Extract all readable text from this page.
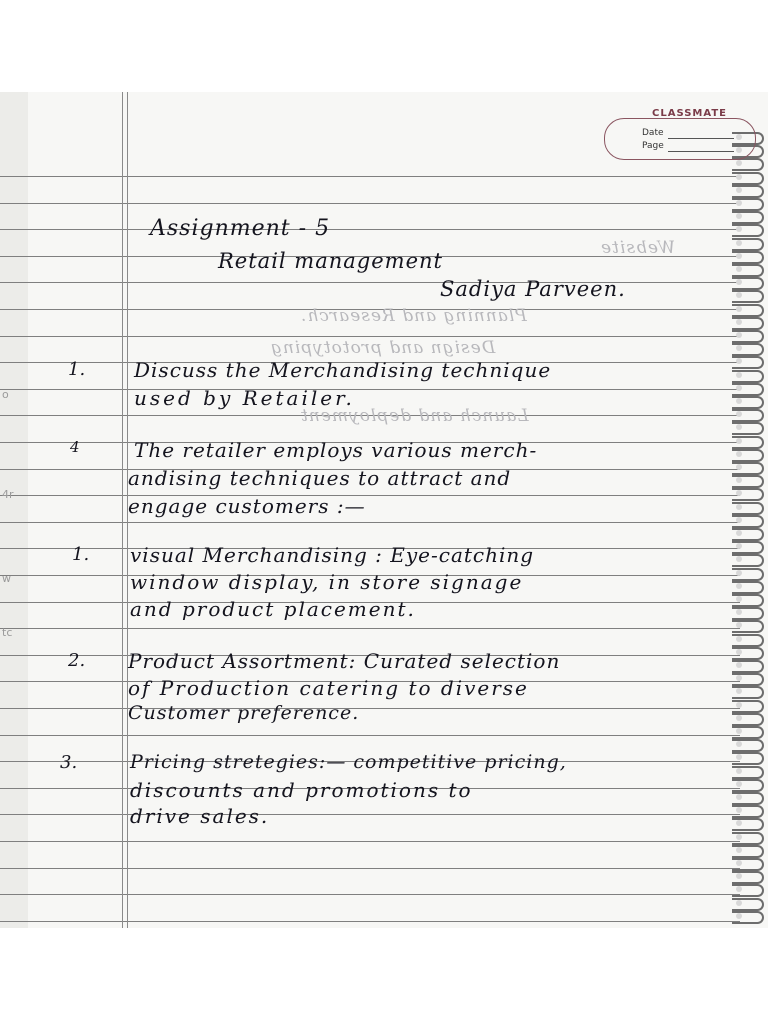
o
4r
w
tc
CLASSMATE
Date
Page
Website
Planning and Research.
Design and prototyping
Launch and deployment
Assignment - 5
Retail management
Sadiya Parveen.
1. Discuss the Merchandising technique
used by Retailer.
4	The retailer employs various merch-
andising techniques to attract and
engage customers :—
1. visual Merchandising : Eye-catching
window display, in store signage
and product placement.
2. Product Assortment: Curated selection
of Production catering to diverse
Customer preference.
3.	Pricing stretegies:— competitive pricing,
discounts and promotions to
drive sales.
